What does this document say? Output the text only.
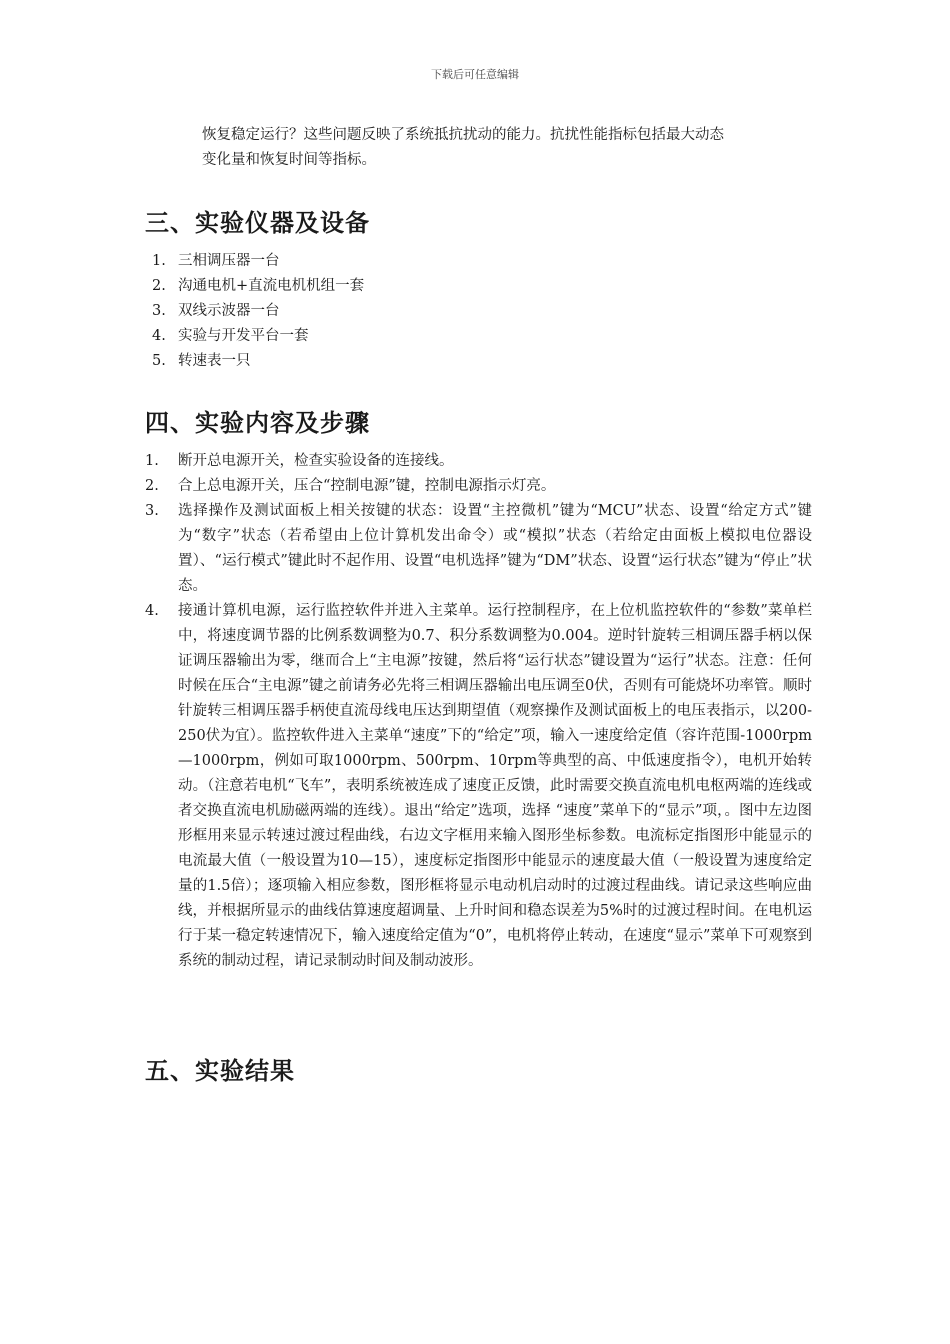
下载后可任意编辑
恢复稳定运行？这些问题反映了系统抵抗扰动的能力。抗扰性能指标包括最大动态
变化量和恢复时间等指标。
三、实验仪器及设备
1. 三相调压器一台
2. 沟通电机+直流电机机组一套
3. 双线示波器一台
4. 实验与开发平台一套
5. 转速表一只
四、实验内容及步骤
1.	断开总电源开关，检查实验设备的连接线。
2.	合上总电源开关，压合“控制电源”键，控制电源指示灯亮。
3.	选择操作及测试面板上相关按键的状态：设置“主控微机”键为“MCU”状态、设置“给定方式”键为“数字”状态（若希望由上位计算机发出命令）或“模拟”状态（若给定由面板上模拟电位器设置）、“运行模式”键此时不起作用、设置“电机选择”键为“DM”状态、设置“运行状态”键为“停止”状态。
4.	接通计算机电源，运行监控软件并进入主菜单。运行控制程序，在上位机监控软件的“参数”菜单栏中，将速度调节器的比例系数调整为0.7、积分系数调整为0.004。逆时针旋转三相调压器手柄以保证调压器输出为零，继而合上“主电源”按键，然后将“运行状态”键设置为“运行”状态。注意：任何时候在压合“主电源”键之前请务必先将三相调压器输出电压调至0伏，否则有可能烧坏功率管。顺时针旋转三相调压器手柄使直流母线电压达到期望值（观察操作及测试面板上的电压表指示，以200-250伏为宜）。监控软件进入主菜单“速度”下的“给定”项，输入一速度给定值（容许范围-1000rpm—1000rpm，例如可取1000rpm、500rpm、10rpm等典型的高、中低速度指令），电机开始转动。（注意若电机“飞车”，表明系统被连成了速度正反馈，此时需要交换直流电机电枢两端的连线或者交换直流电机励磁两端的连线）。退出“给定”选项，选择 “速度”菜单下的“显示”项，。图中左边图形框用来显示转速过渡过程曲线，右边文字框用来输入图形坐标参数。电流标定指图形中能显示的电流最大值（一般设置为10—15），速度标定指图形中能显示的速度最大值（一般设置为速度给定量的1.5倍）；逐项输入相应参数，图形框将显示电动机启动时的过渡过程曲线。请记录这些响应曲线，并根据所显示的曲线估算速度超调量、上升时间和稳态误差为5%时的过渡过程时间。在电机运行于某一稳定转速情况下，输入速度给定值为“0”，电机将停止转动，在速度“显示”菜单下可观察到系统的制动过程，请记录制动时间及制动波形。
五、实验结果
